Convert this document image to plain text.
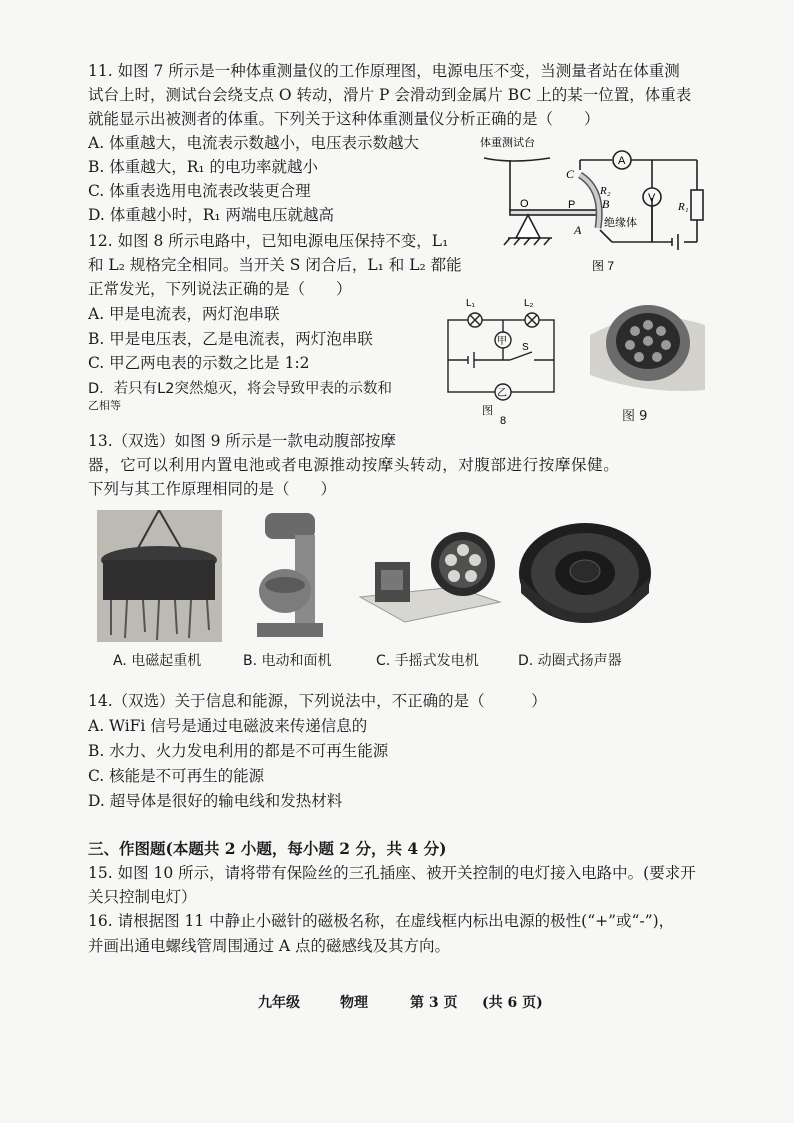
11. 如图 7 所示是一种体重测量仪的工作原理图，电源电压不变，当测量者站在体重测
试台上时，测试台会绕支点 O 转动，滑片 P 会滑动到金属片 BC 上的某一位置，体重表
就能显示出被测者的体重。下列关于这种体重测量仪分析正确的是（　　）
A. 体重越大，电流表示数越小，电压表示数越大
B. 体重越大，R₁ 的电功率就越小
C. 体重表选用电流表改装更合理
D. 体重越小时，R₁ 两端电压就越高
体重测试台
C
R₂
B
绝缘体
A
O	P
A
V
R₁
图 7
12. 如图 8 所示电路中，已知电源电压保持不变，L₁
和 L₂ 规格完全相同。当开关 S 闭合后，L₁ 和 L₂ 都能
正常发光，下列说法正确的是（　　）
A. 甲是电流表，两灯泡串联
B. 甲是电压表，乙是电流表，两灯泡串联
C. 甲乙两电表的示数之比是 1:2
D．若只有L2突然熄灭，将会导致甲表的示数和
乙相等
L₁	L₂
甲
乙
S
图
8	图 9
13.（双选）如图 9 所示是一款电动腹部按摩
器，它可以利用内置电池或者电源推动按摩头转动，对腹部进行按摩保健。
下列与其工作原理相同的是（　　）
A. 电磁起重机	B. 电动和面机	C. 手摇式发电机	D. 动圈式扬声器
14.（双选）关于信息和能源，下列说法中，不正确的是（　　　）
A. WiFi 信号是通过电磁波来传递信息的
B. 水力、火力发电利用的都是不可再生能源
C. 核能是不可再生的能源
D. 超导体是很好的输电线和发热材料
三、作图题(本题共 2 小题，每小题 2 分，共 4 分)
15. 如图 10 所示，请将带有保险丝的三孔插座、被开关控制的电灯接入电路中。(要求开
关只控制电灯）
16. 请根据图 11 中静止小磁针的磁极名称，在虚线框内标出电源的极性(“+”或“-”)，
并画出通电螺线管周围通过 A 点的磁感线及其方向。
九年级	物理	第 3 页 (共 6 页)
